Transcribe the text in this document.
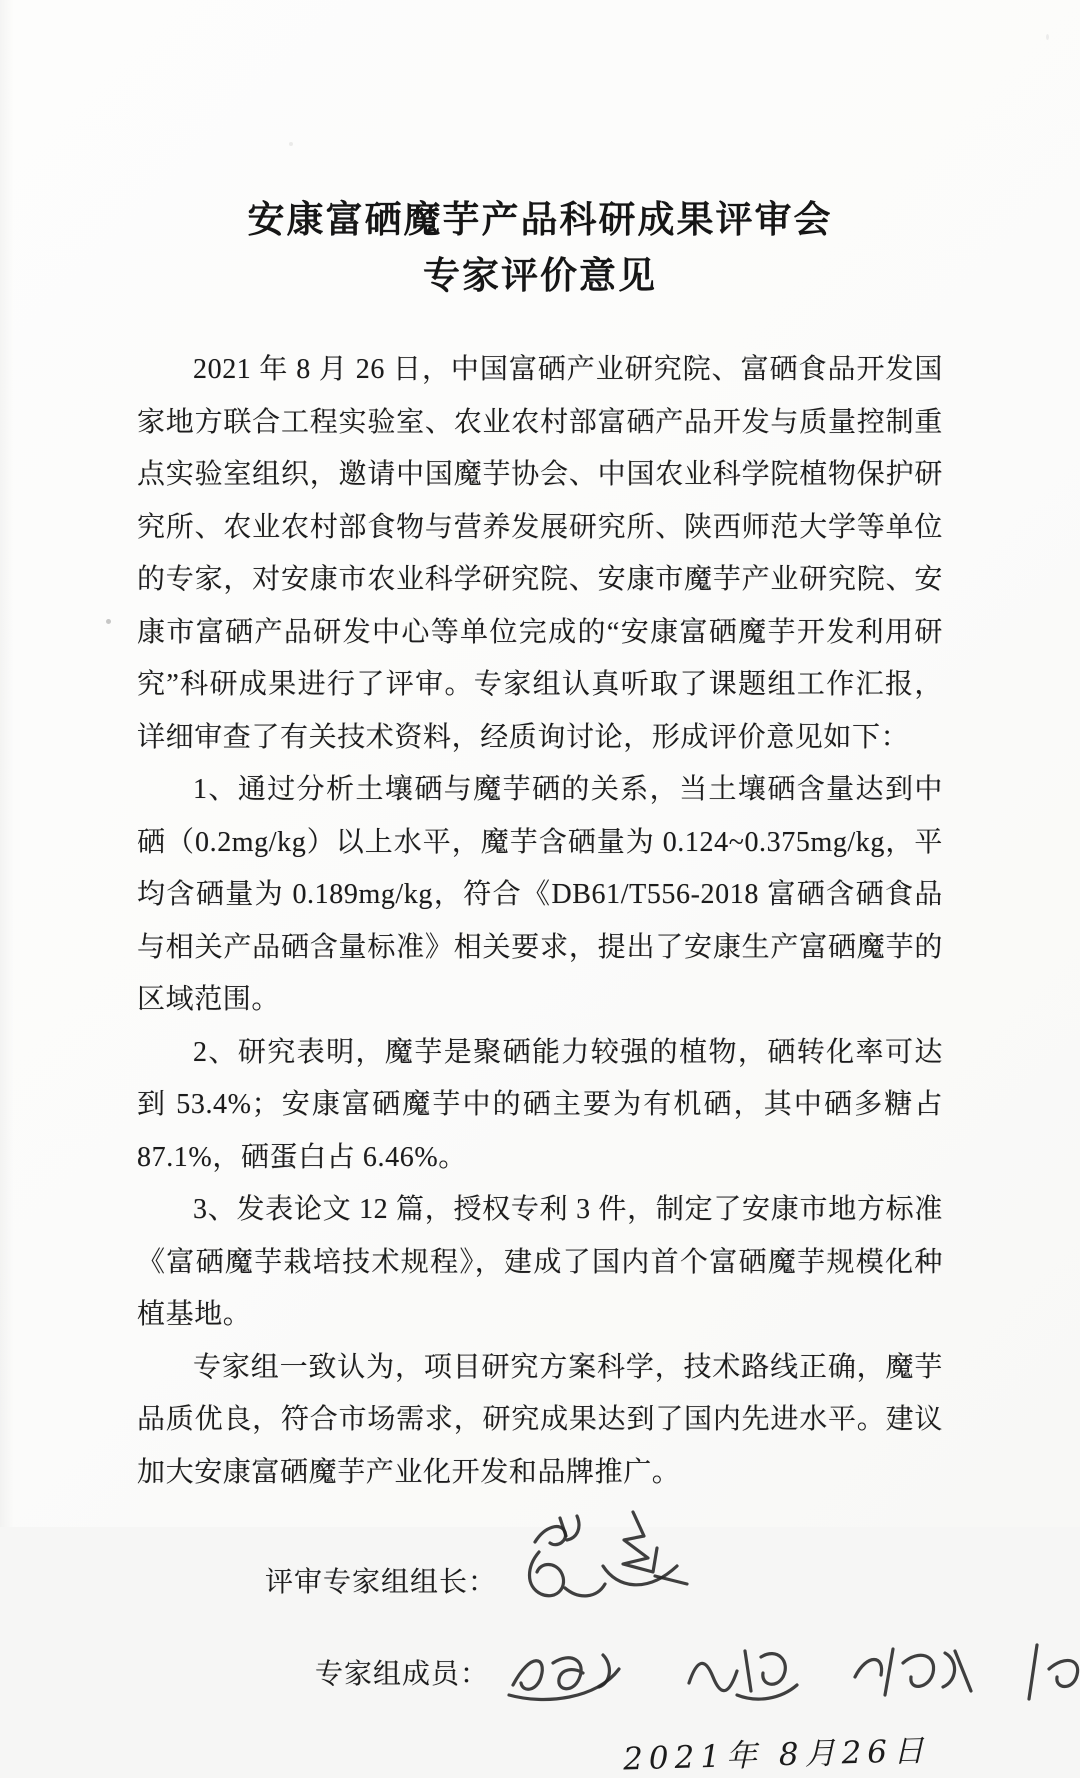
安康富硒魔芋产品科研成果评审会
专家评价意见

2021 年 8 月 26 日，中国富硒产业研究院、富硒食品开发国家地方联合工程实验室、农业农村部富硒产品开发与质量控制重点实验室组织，邀请中国魔芋协会、中国农业科学院植物保护研究所、农业农村部食物与营养发展研究所、陕西师范大学等单位的专家，对安康市农业科学研究院、安康市魔芋产业研究院、安康市富硒产品研发中心等单位完成的“安康富硒魔芋开发利用研究”科研成果进行了评审。专家组认真听取了课题组工作汇报，详细审查了有关技术资料，经质询讨论，形成评价意见如下：

1、通过分析土壤硒与魔芋硒的关系，当土壤硒含量达到中硒（0.2mg/kg）以上水平，魔芋含硒量为 0.124~0.375mg/kg，平均含硒量为 0.189mg/kg，符合《DB61/T556-2018 富硒含硒食品与相关产品硒含量标准》相关要求，提出了安康生产富硒魔芋的区域范围。

2、研究表明，魔芋是聚硒能力较强的植物，硒转化率可达到 53.4%；安康富硒魔芋中的硒主要为有机硒，其中硒多糖占 87.1%，硒蛋白占 6.46%。

3、发表论文 12 篇，授权专利 3 件，制定了安康市地方标准《富硒魔芋栽培技术规程》，建成了国内首个富硒魔芋规模化种植基地。

专家组一致认为，项目研究方案科学，技术路线正确，魔芋品质优良，符合市场需求，研究成果达到了国内先进水平。建议加大安康富硒魔芋产业化开发和品牌推广。

评审专家组组长：
专家组成员：
2021年 8月26日
